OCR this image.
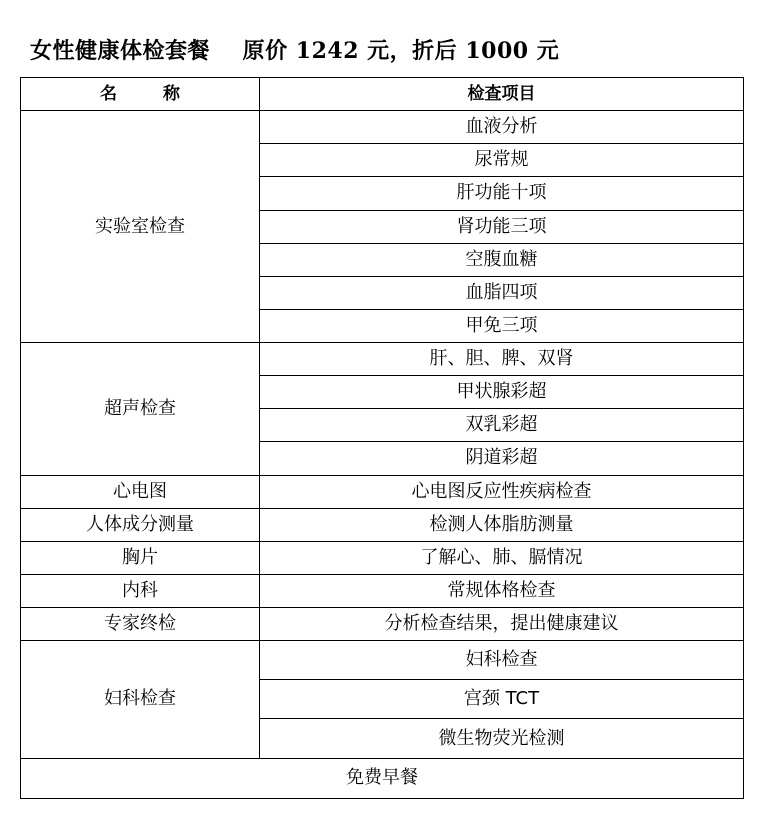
女性健康体检套餐    原价 1242 元，折后 1000 元
名 称	检查项目
实验室检查	血液分析
	尿常规
	肝功能十项
	肾功能三项
	空腹血糖
	血脂四项
	甲免三项
超声检查	肝、胆、脾、双肾
	甲状腺彩超
	双乳彩超
	阴道彩超
心电图	心电图反应性疾病检查
人体成分测量	检测人体脂肪测量
胸片	了解心、肺、膈情况
内科	常规体格检查
专家终检	分析检查结果，提出健康建议
妇科检查	妇科检查
	宫颈 TCT
	微生物荧光检测
免费早餐	
